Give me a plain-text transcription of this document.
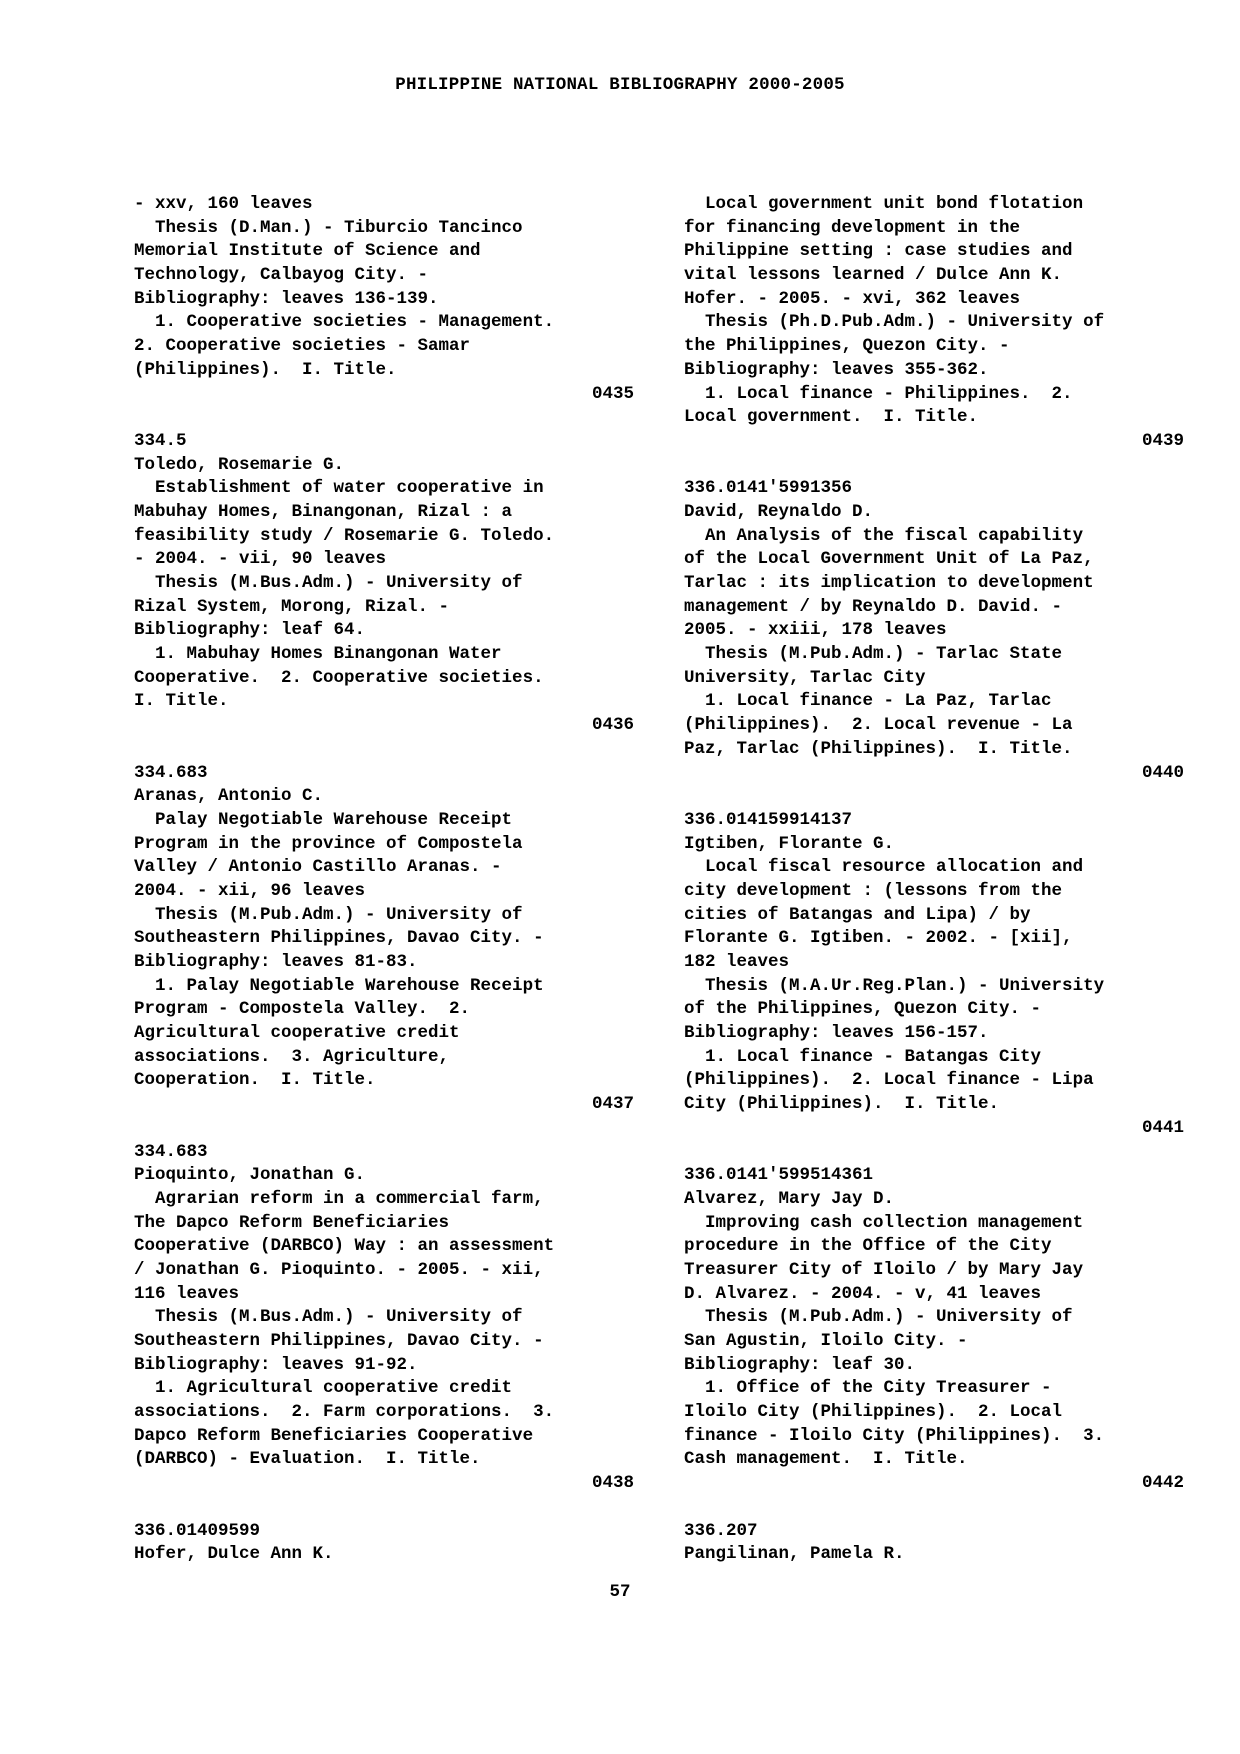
PHILIPPINE NATIONAL BIBLIOGRAPHY 2000-2005
- xxv, 160 leaves
Thesis (D.Man.) - Tiburcio Tancinco
Memorial Institute of Science and
Technology, Calbayog City. -
Bibliography: leaves 136-139.
1. Cooperative societies - Management.
2. Cooperative societies - Samar
(Philippines).  I. Title.
0435
334.5
Toledo, Rosemarie G.
Establishment of water cooperative in
Mabuhay Homes, Binangonan, Rizal : a
feasibility study / Rosemarie G. Toledo.
- 2004. - vii, 90 leaves
Thesis (M.Bus.Adm.) - University of
Rizal System, Morong, Rizal. -
Bibliography: leaf 64.
1. Mabuhay Homes Binangonan Water
Cooperative.  2. Cooperative societies.
I. Title.
0436
334.683
Aranas, Antonio C.
Palay Negotiable Warehouse Receipt
Program in the province of Compostela
Valley / Antonio Castillo Aranas. -
2004. - xii, 96 leaves
Thesis (M.Pub.Adm.) - University of
Southeastern Philippines, Davao City. -
Bibliography: leaves 81-83.
1. Palay Negotiable Warehouse Receipt
Program - Compostela Valley.  2.
Agricultural cooperative credit
associations.  3. Agriculture,
Cooperation.  I. Title.
0437
334.683
Pioquinto, Jonathan G.
Agrarian reform in a commercial farm,
The Dapco Reform Beneficiaries
Cooperative (DARBCO) Way : an assessment
/ Jonathan G. Pioquinto. - 2005. - xii,
116 leaves
Thesis (M.Bus.Adm.) - University of
Southeastern Philippines, Davao City. -
Bibliography: leaves 91-92.
1. Agricultural cooperative credit
associations.  2. Farm corporations.  3.
Dapco Reform Beneficiaries Cooperative
(DARBCO) - Evaluation.  I. Title.
0438
336.01409599
Hofer, Dulce Ann K.
Local government unit bond flotation
for financing development in the
Philippine setting : case studies and
vital lessons learned / Dulce Ann K.
Hofer. - 2005. - xvi, 362 leaves
Thesis (Ph.D.Pub.Adm.) - University of
the Philippines, Quezon City. -
Bibliography: leaves 355-362.
1. Local finance - Philippines.  2.
Local government.  I. Title.
0439
336.0141'5991356
David, Reynaldo D.
An Analysis of the fiscal capability
of the Local Government Unit of La Paz,
Tarlac : its implication to development
management / by Reynaldo D. David. -
2005. - xxiii, 178 leaves
Thesis (M.Pub.Adm.) - Tarlac State
University, Tarlac City
1. Local finance - La Paz, Tarlac
(Philippines).  2. Local revenue - La
Paz, Tarlac (Philippines).  I. Title.
0440
336.014159914137
Igtiben, Florante G.
Local fiscal resource allocation and
city development : (lessons from the
cities of Batangas and Lipa) / by
Florante G. Igtiben. - 2002. - [xii],
182 leaves
Thesis (M.A.Ur.Reg.Plan.) - University
of the Philippines, Quezon City. -
Bibliography: leaves 156-157.
1. Local finance - Batangas City
(Philippines).  2. Local finance - Lipa
City (Philippines).  I. Title.
0441
336.0141'599514361
Alvarez, Mary Jay D.
Improving cash collection management
procedure in the Office of the City
Treasurer City of Iloilo / by Mary Jay
D. Alvarez. - 2004. - v, 41 leaves
Thesis (M.Pub.Adm.) - University of
San Agustin, Iloilo City. -
Bibliography: leaf 30.
1. Office of the City Treasurer -
Iloilo City (Philippines).  2. Local
finance - Iloilo City (Philippines).  3.
Cash management.  I. Title.
0442
336.207
Pangilinan, Pamela R.
57
